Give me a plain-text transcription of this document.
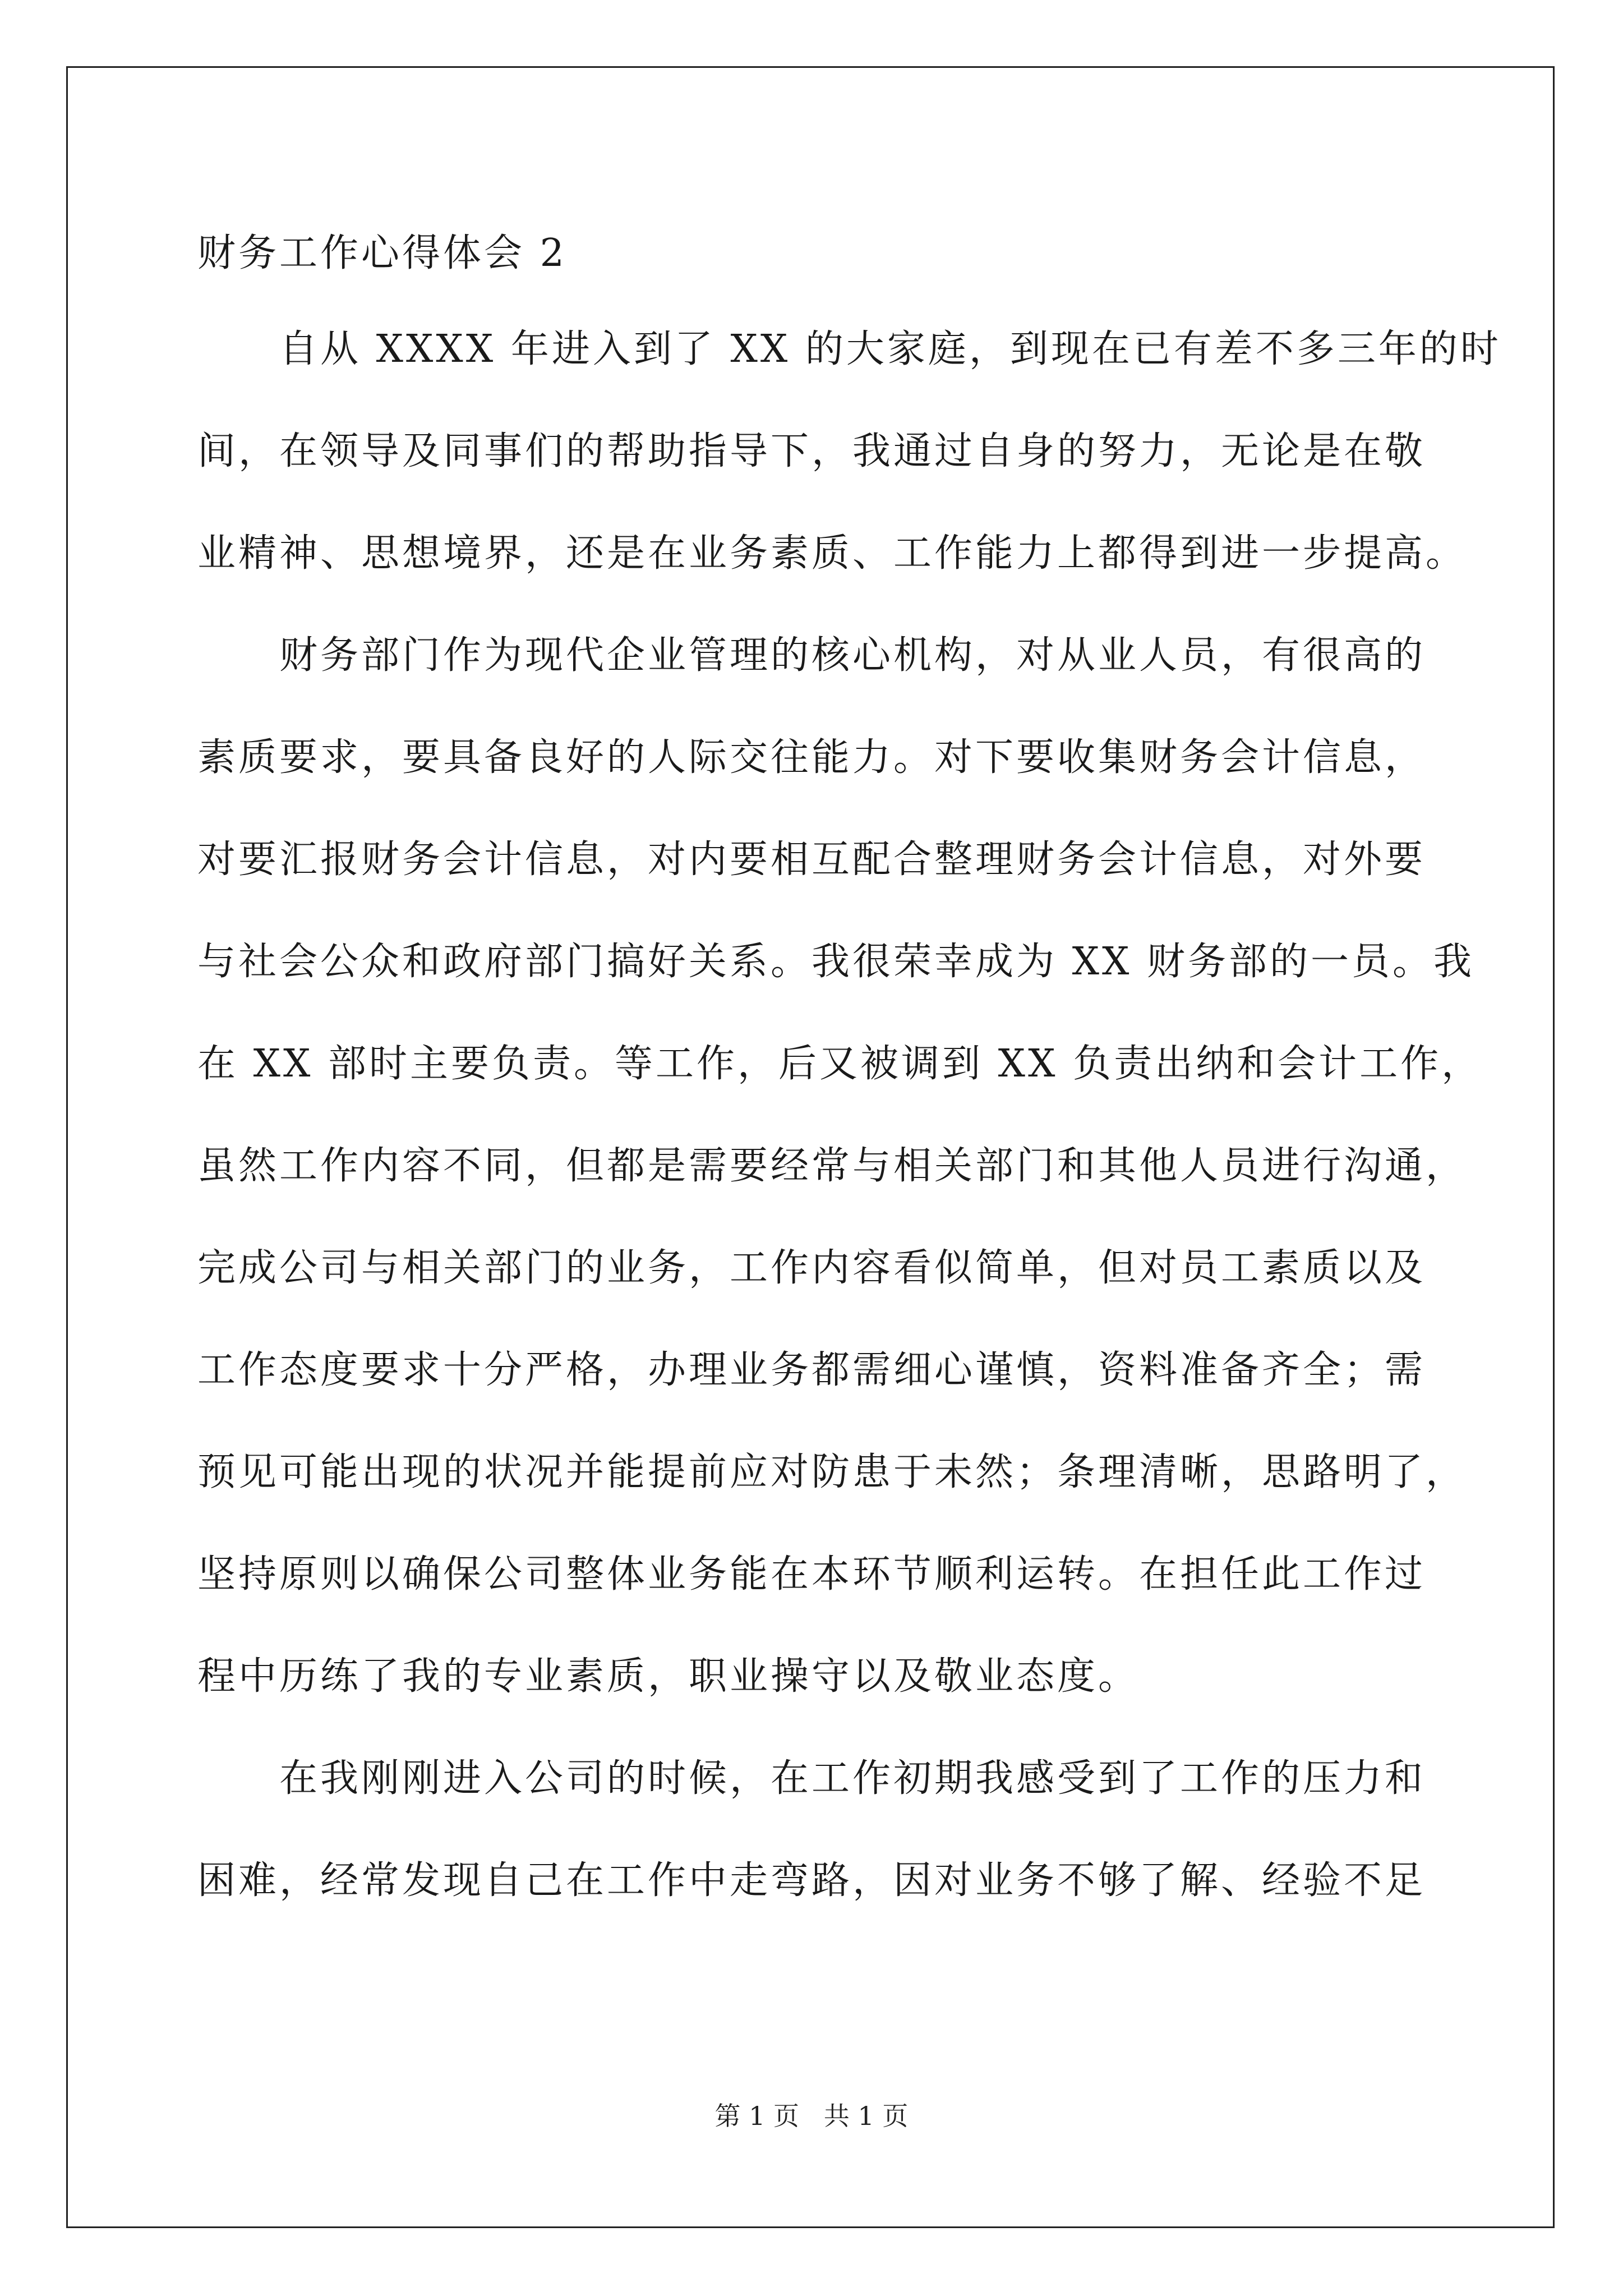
财务工作心得体会 2

自从 XXXX 年进入到了 XX 的大家庭，到现在已有差不多三年的时
间，在领导及同事们的帮助指导下，我通过自身的努力，无论是在敬
业精神、思想境界，还是在业务素质、工作能力上都得到进一步提高。

财务部门作为现代企业管理的核心机构，对从业人员，有很高的
素质要求，要具备良好的人际交往能力。对下要收集财务会计信息，
对要汇报财务会计信息，对内要相互配合整理财务会计信息，对外要
与社会公众和政府部门搞好关系。我很荣幸成为 XX 财务部的一员。我
在 XX 部时主要负责。等工作，后又被调到 XX 负责出纳和会计工作，
虽然工作内容不同，但都是需要经常与相关部门和其他人员进行沟通，
完成公司与相关部门的业务，工作内容看似简单，但对员工素质以及
工作态度要求十分严格，办理业务都需细心谨慎，资料准备齐全；需
预见可能出现的状况并能提前应对防患于未然；条理清晰，思路明了，
坚持原则以确保公司整体业务能在本环节顺利运转。在担任此工作过
程中历练了我的专业素质，职业操守以及敬业态度。

在我刚刚进入公司的时候，在工作初期我感受到了工作的压力和
困难，经常发现自己在工作中走弯路，因对业务不够了解、经验不足

第 1 页   共 1 页
